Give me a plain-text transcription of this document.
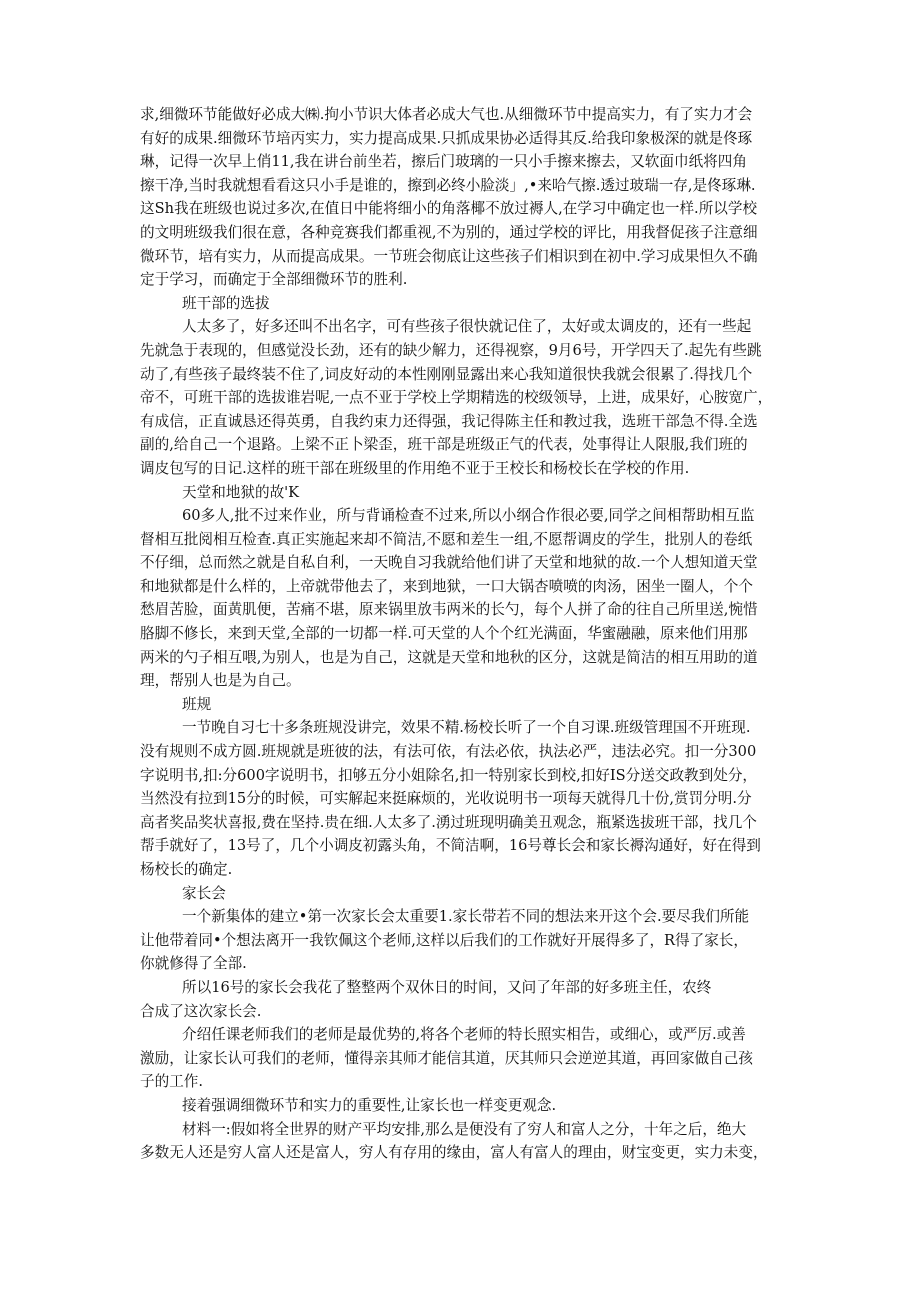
求,细微环节能做好必成大㈱.拘小节识大体者必成大气也.从细微环节中提高实力，有了实力才会
有好的成果.细微环节培丙实力，实力提高成果.只抓成果协必适得其反.给我印象极深的就是佟琢
琳，记得一次早上俏11,我在讲台前坐若，擦后门玻璃的一只小手擦来擦去，又软面巾纸将四角
擦干净,当时我就想看看这只小手是谁的，擦到必终小脸淡」,•来哈气擦.透过玻瑞一存,是佟琢琳.
这Sh我在班级也说过多次,在值日中能将细小的角落椰不放过褥人,在学习中确定也一样.所以学校
的文明班级我们很在意，各种竞赛我们都重视,不为别的，通过学校的评比，用我督促孩子注意细
微环节，培有实力，从而提高成果。一节班会彻底让这些孩子们相识到在初中.学习成果怛久不确
定于学习，而确定于全部细微环节的胜利.
班干部的选拔
人太多了，好多还叫不出名字，可有些孩子很快就记住了，太好或太调皮的，还有一些起
先就急于表现的，但感觉没长劲，还有的缺少解力，还得视察，9月6号，开学四天了.起先有些跳
动了,有些孩子最终装不住了,词皮好动的本性刚刚显露出来心我知道很快我就会很累了.得找几个
帝不，可班干部的选拔谁岩呢,一点不亚于学校上学期精选的校级领导，上进，成果好，心胺宽广，
有成信，正直诚恳还得英勇，自我约束力还得强，我记得陈主任和教过我，选班干部急不得.全选
副的,给自己一个退路。上梁不正卜梁歪，班干部是班级正气的代表，处事得让人限服,我们班的
调皮包写的日记.这样的班干部在班级里的作用绝不亚于王校长和杨校长在学校的作用.
天堂和地狱的故'K
60多人,批不过来作业，所与背诵检查不过来,所以小纲合作很必要,同学之间相帮助相互监
督相互批阅相互检查.真正实施起来却不简洁,不愿和差生一组,不愿帮调皮的学生，批别人的卷纸
不仔细，总而然之就是自私自利，一天晚自习我就给他们讲了天堂和地狱的故.一个人想知道天堂
和地狱都是什么样的，上帝就带他去了，来到地狱，一口大锅杏喷喷的肉汤，困坐一圈人，个个
愁眉苦脸，面黄肌便，苦痛不堪，原来锅里放韦两米的长勺，每个人拼了命的往自己所里送,惋惜
胳脚不修长，来到天堂,全部的一切都一样.可天堂的人个个红光满面，华蜜融融，原来他们用那
两米的勺子相互喂,为别人，也是为自己，这就是天堂和地秋的区分，这就是简洁的相互用助的道
理，帮别人也是为自己。
班规
一节晚自习七十多条班规没讲完，效果不精.杨校长听了一个自习课.班级管理国不开班现.
没有规则不成方圆.班规就是班彼的法，有法可依，有法必依，执法必严，违法必究。扣一分300
字说明书,扣:分600字说明书，扣够五分小姐除名,扣一特别家长到校,扣好IS分送交政教到处分，
当然没有拉到15分的时候，可实解起来挺麻烦的，光收说明书一项每天就得几十份,赏罚分明.分
高者奖品奖状喜报,费在坚持.贵在细.人太多了.湧过班现明确美丑观念，瓶紧选拔班干部，找几个
帮手就好了，13号了，几个小调皮初露头角，不简洁啊，16号尊长会和家长褥沟通好，好在得到
杨校长的确定.
家长会
一个新集体的建立•第一次家长会太重要1.家长带若不同的想法来开这个会.要尽我们所能
让他带着同•个想法离开一我钦佩这个老师,这样以后我们的工作就好开展得多了，R得了家长，
你就修得了全部.
所以16号的家长会我花了整整两个双休日的时间，又问了年部的好多班主任，农终
合成了这次家长会.
介绍任课老师我们的老师是最优势的,将各个老师的特长照实相告，或细心，或严厉.或善
激励，让家长认可我们的老师，懂得亲其师才能信其道，厌其师只会逆逆其道，再回家做自己孩
子的工作.
接着强调细微环节和实力的重要性,让家长也一样变更观念.
材料一:假如将全世界的财产平均安排,那么是便没有了穷人和富人之分，十年之后，绝大
多数无人还是穷人富人还是富人，穷人有存用的缘由，富人有富人的理由，财宝变更，实力未变，
